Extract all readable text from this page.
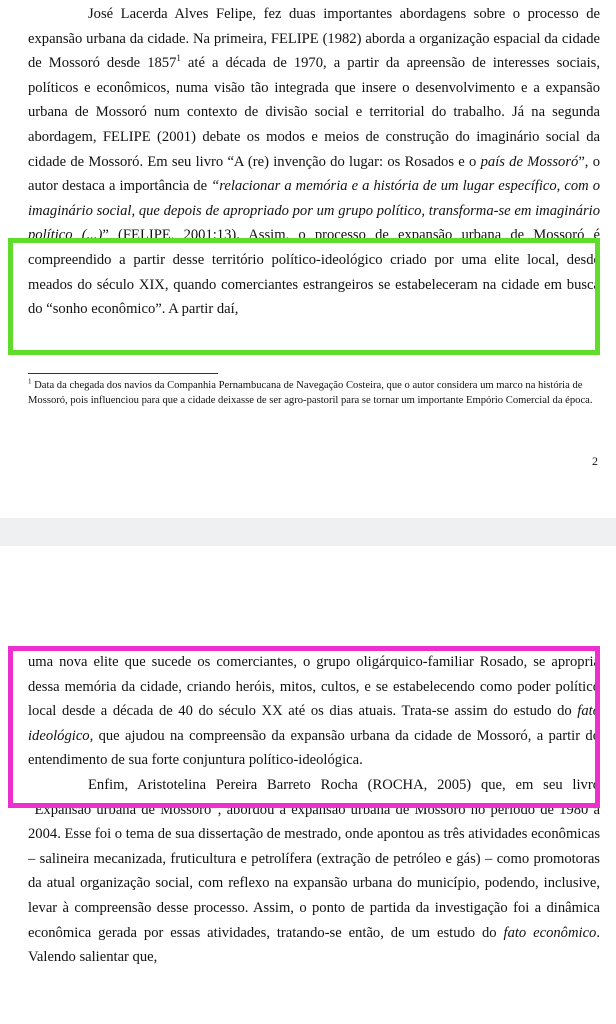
José Lacerda Alves Felipe, fez duas importantes abordagens sobre o processo de expansão urbana da cidade. Na primeira, FELIPE (1982) aborda a organização espacial da cidade de Mossoró desde 1857$^1$ até a década de 1970, a partir da apreensão de interesses sociais, políticos e econômicos, numa visão tão integrada que insere o desenvolvimento e a expansão urbana de Mossoró num contexto de divisão social e territorial do trabalho. Já na segunda abordagem, FELIPE (2001) debate os modos e meios de construção do imaginário social da cidade de Mossoró. Em seu livro “A (re) invenção do lugar: os Rosados e o país de Mossoró”, o autor destaca a importância de “relacionar a memória e a história de um lugar específico, com o imaginário social, que depois de apropriado por um grupo político, transforma-se em imaginário político (...)” (FELIPE, 2001:13). Assim, o processo de expansão urbana de Mossoró é compreendido a partir desse território político-ideológico criado por uma elite local, desde meados do século XIX, quando comerciantes estrangeiros se estabeleceram na cidade em busca do “sonho econômico”. A partir daí,

$^1$ Data da chegada dos navios da Companhia Pernambucana de Navegação Costeira, que o autor considera um marco na história de Mossoró, pois influenciou para que a cidade deixasse de ser agro-pastoril para se tornar um importante Empório Comercial da época.

2

uma nova elite que sucede os comerciantes, o grupo oligárquico-familiar Rosado, se apropria dessa memória da cidade, criando heróis, mitos, cultos, e se estabelecendo como poder político local desde a década de 40 do século XX até os dias atuais. Trata-se assim do estudo do fato ideológico, que ajudou na compreensão da expansão urbana da cidade de Mossoró, a partir do entendimento de sua forte conjuntura político-ideológica.

Enfim, Aristotelina Pereira Barreto Rocha (ROCHA, 2005) que, em seu livro “Expansão urbana de Mossoró”, abordou a expansão urbana de Mossoró no período de 1980 a 2004. Esse foi o tema de sua dissertação de mestrado, onde apontou as três atividades econômicas – salineira mecanizada, fruticultura e petrolífera (extração de petróleo e gás) – como promotoras da atual organização social, com reflexo na expansão urbana do município, podendo, inclusive, levar à compreensão desse processo. Assim, o ponto de partida da investigação foi a dinâmica econômica gerada por essas atividades, tratando-se então, de um estudo do fato econômico. Valendo salientar que,
